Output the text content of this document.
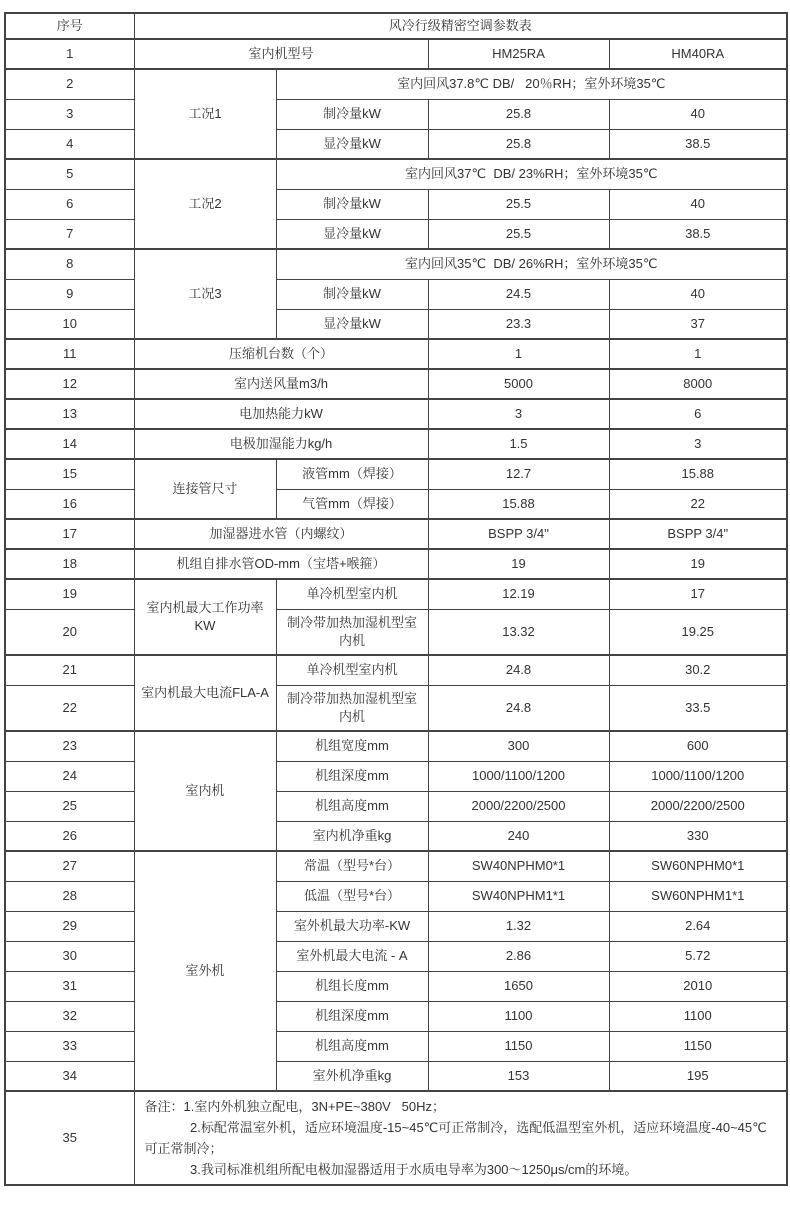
序号	风冷行级精密空调参数表			
1	室内机型号		HM25RA	HM40RA
2	工况1	室内回风37.8℃ DB/   20％RH；室外环境35℃		
3		制冷量kW	25.8	40
4		显冷量kW	25.8	38.5
5	工况2	室内回风37℃  DB/ 23%RH；室外环境35℃		
6		制冷量kW	25.5	40
7		显冷量kW	25.5	38.5
8	工况3	室内回风35℃  DB/ 26%RH；室外环境35℃		
9		制冷量kW	24.5	40
10		显冷量kW	23.3	37
11	压缩机台数（个）		1	1
12	室内送风量m3/h		5000	8000
13	电加热能力kW		3	6
14	电极加湿能力kg/h		1.5	3
15	连接管尺寸	液管mm（焊接）	12.7	15.88
16		气管mm（焊接）	15.88	22
17	加湿器进水管（内螺纹）		BSPP 3/4"	BSPP 3/4"
18	机组自排水管OD-mm（宝塔+喉箍）		19	19
19	室内机最大工作功率KW	单冷机型室内机	12.19	17
20		制冷带加热加湿机型室内机	13.32	19.25
21	室内机最大电流FLA-A	单冷机型室内机	24.8	30.2
22		制冷带加热加湿机型室内机	24.8	33.5
23	室内机	机组宽度mm	300	600
24		机组深度mm	1000/1100/1200	1000/1100/1200
25		机组高度mm	2000/2200/2500	2000/2200/2500
26		室内机净重kg	240	330
27	室外机	常温（型号*台）	SW40NPHM0*1	SW60NPHM0*1
28		低温（型号*台）	SW40NPHM1*1	SW60NPHM1*1
29		室外机最大功率-KW	1.32	2.64
30		室外机最大电流 - A	2.86	5.72
31		机组长度mm	1650	2010
32		机组深度mm	1100	1100
33		机组高度mm	1150	1150
34		室外机净重kg	153	195
35	备注：1.室内外机独立配电，3N+PE~380V   50Hz；
2.标配常温室外机，适应环境温度-15~45℃可正常制冷，选配低温型室外机，适应环境温度-40~45℃可正常制冷；
3.我司标准机组所配电极加湿器适用于水质电导率为300～1250μs/cm的环境。			
